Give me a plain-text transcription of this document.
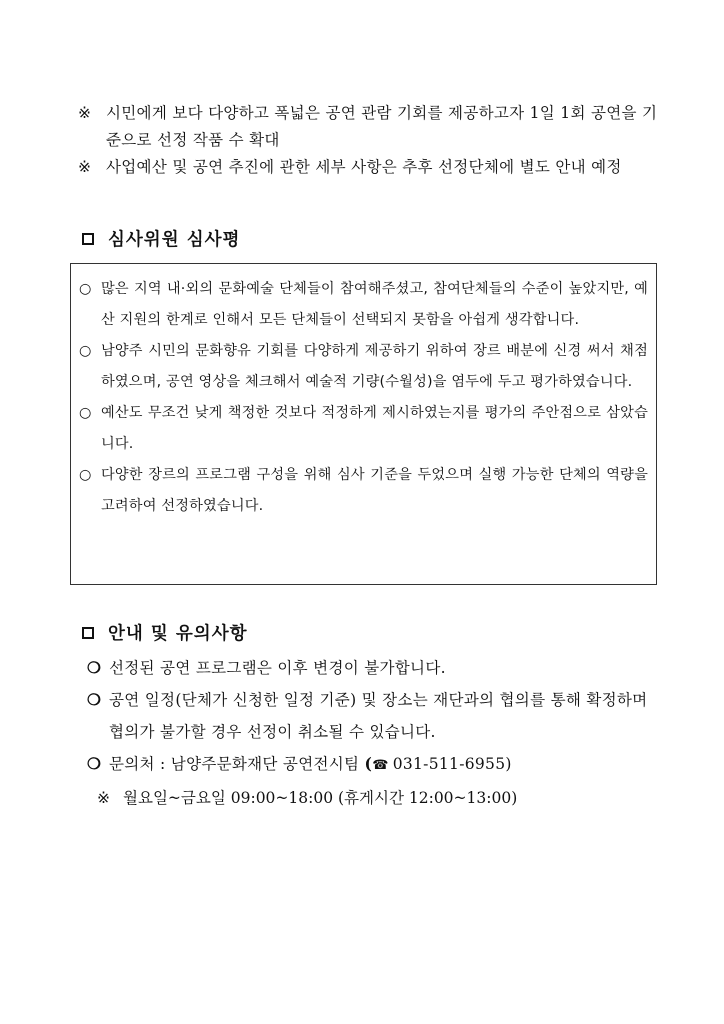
※ 시민에게 보다 다양하고 폭넓은 공연 관람 기회를 제공하고자 1일 1회 공연을 기준으로 선정 작품 수 확대
※ 사업예산 및 공연 추진에 관한 세부 사항은 추후 선정단체에 별도 안내 예정
심사위원 심사평
○ 많은 지역 내·외의 문화예술 단체들이 참여해주셨고, 참여단체들의 수준이 높았지만, 예산 지원의 한계로 인해서 모든 단체들이 선택되지 못함을 아쉽게 생각합니다.
○ 남양주 시민의 문화향유 기회를 다양하게 제공하기 위하여 장르 배분에 신경 써서 채점하였으며, 공연 영상을 체크해서 예술적 기량(수월성)을 염두에 두고 평가하였습니다.
○ 예산도 무조건 낮게 책정한 것보다 적정하게 제시하였는지를 평가의 주안점으로 삼았습니다.
○ 다양한 장르의 프로그램 구성을 위해 심사 기준을 두었으며 실행 가능한 단체의 역량을 고려하여 선정하였습니다.
안내 및 유의사항
❍ 선정된 공연 프로그램은 이후 변경이 불가합니다.
❍ 공연 일정(단체가 신청한 일정 기준) 및 장소는 재단과의 협의를 통해 확정하며 협의가 불가할 경우 선정이 취소될 수 있습니다.
❍ 문의처 : 남양주문화재단 공연전시팀 (☎ 031-511-6955)
※ 월요일~금요일 09:00~18:00 (휴게시간 12:00~13:00)
